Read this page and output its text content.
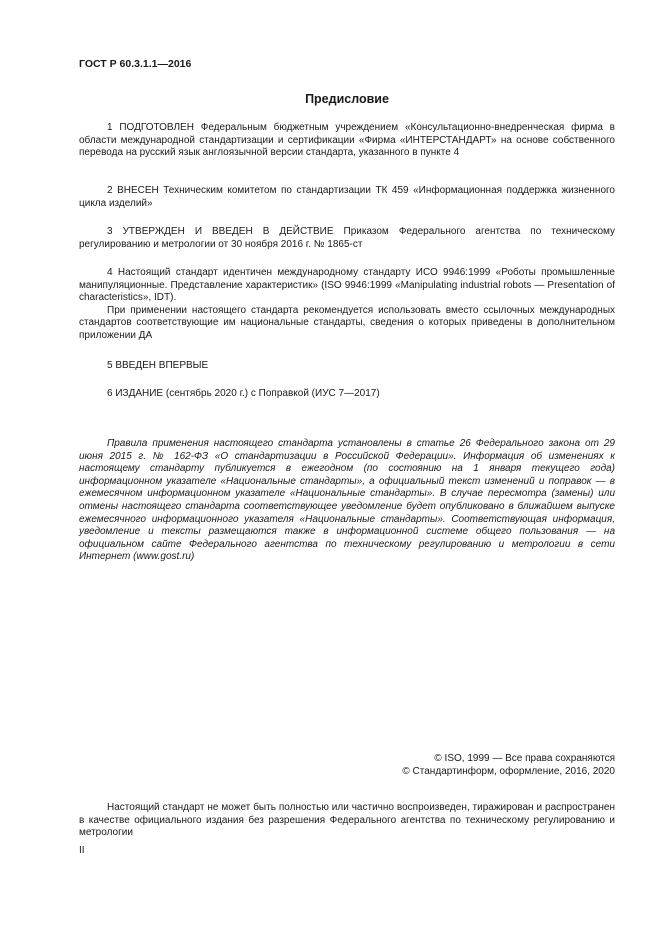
ГОСТ Р 60.3.1.1—2016
Предисловие

1 ПОДГОТОВЛЕН Федеральным бюджетным учреждением «Консультационно-внедренческая фирма в области международной стандартизации и сертификации «Фирма «ИНТЕРСТАНДАРТ» на основе собственного перевода на русский язык англоязычной версии стандарта, указанного в пункте 4

2 ВНЕСЕН Техническим комитетом по стандартизации ТК 459 «Информационная поддержка жизненного цикла изделий»

3 УТВЕРЖДЕН И ВВЕДЕН В ДЕЙСТВИЕ Приказом Федерального агентства по техническому регулированию и метрологии от 30 ноября 2016 г. № 1865-ст

4 Настоящий стандарт идентичен международному стандарту ИСО 9946:1999 «Роботы промышленные манипуляционные. Представление характеристик» (ISO 9946:1999 «Manipulating industrial robots — Presentation of characteristics», IDT).

При применении настоящего стандарта рекомендуется использовать вместо ссылочных международных стандартов соответствующие им национальные стандарты, сведения о которых приведены в дополнительном приложении ДА

5 ВВЕДЕН ВПЕРВЫЕ

6 ИЗДАНИЕ (сентябрь 2020 г.) с Поправкой (ИУС 7—2017)

Правила применения настоящего стандарта установлены в статье 26 Федерального закона от 29 июня 2015 г. № 162-ФЗ «О стандартизации в Российской Федерации». Информация об изменениях к настоящему стандарту публикуется в ежегодном (по состоянию на 1 января текущего года) информационном указателе «Национальные стандарты», а официальный текст изменений и поправок — в ежемесячном информационном указателе «Национальные стандарты». В случае пересмотра (замены) или отмены настоящего стандарта соответствующее уведомление будет опубликовано в ближайшем выпуске ежемесячного информационного указателя «Национальные стандарты». Соответствующая информация, уведомление и тексты размещаются также в информационной системе общего пользования — на официальном сайте Федерального агентства по техническому регулированию и метрологии в сети Интернет (www.gost.ru)

© ISO, 1999 — Все права сохраняются
© Стандартинформ, оформление, 2016, 2020

Настоящий стандарт не может быть полностью или частично воспроизведен, тиражирован и распространен в качестве официального издания без разрешения Федерального агентства по техническому регулированию и метрологии

II
